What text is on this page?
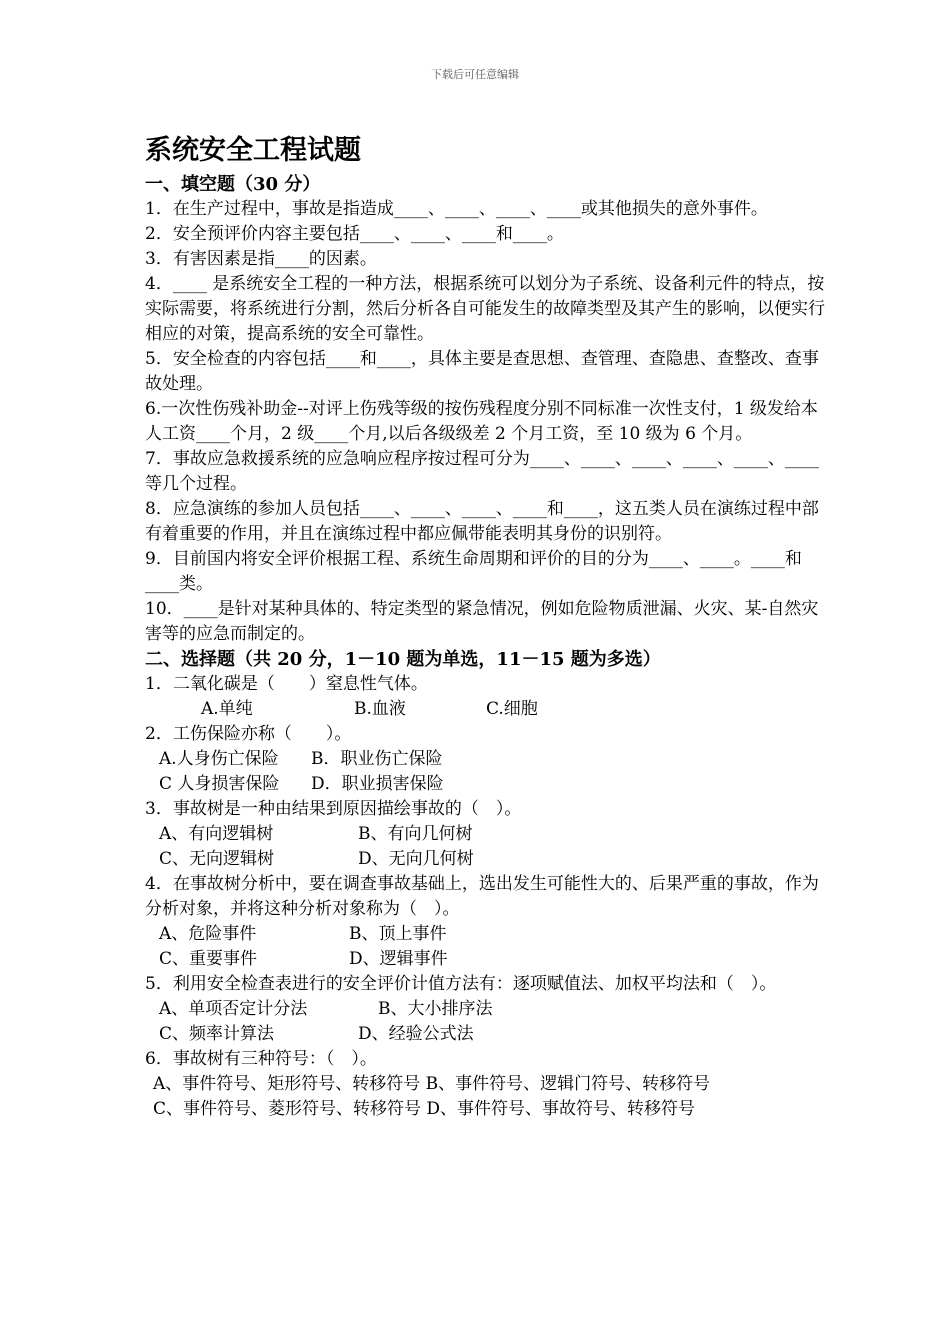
下载后可任意编辑
系统安全工程试题
一、填空题（30 分）
1．在生产过程中，事故是指造成____、____、____、____或其他损失的意外事件。
2．安全预评价内容主要包括____、____、____和____。
3．有害因素是指____的因素。
4．____ 是系统安全工程的一种方法，根据系统可以划分为子系统、设备利元件的特点，按实际需要，将系统进行分割，然后分析各自可能发生的故障类型及其产生的影响，以便实行相应的对策，提高系统的安全可靠性。
5．安全检查的内容包括____和____，具体主要是查思想、查管理、查隐患、查整改、查事故处理。
6.一次性伤残补助金--对评上伤残等级的按伤残程度分别不同标准一次性支付，1 级发给本人工资____个月，2 级____个月,以后各级级差 2 个月工资，至 10 级为 6 个月。
7．事故应急救援系统的应急响应程序按过程可分为____、____、____、____、____、____等几个过程。
8．应急演练的参加人员包括____、____、____、____和____，这五类人员在演练过程中部有着重要的作用，并且在演练过程中都应佩带能表明其身份的识别符。
9．目前国内将安全评价根据工程、系统生命周期和评价的目的分为____、____。____和____类。
10．____是针对某种具体的、特定类型的紧急情况，例如危险物质泄漏、火灾、某-自然灾害等的应急而制定的。
二、选择题（共 20 分，1－10 题为单选，11－15 题为多选）
1．二氧化碳是（　　）窒息性气体。
A.单纯	B.血液	C.细胞
2．工伤保险亦称（　　）。
A.人身伤亡保险 B．职业伤亡保险
C 人身损害保险 D．职业损害保险
3．事故树是一种由结果到原因描绘事故的（　）。
A、有向逻辑树	B、有向几何树
C、无向逻辑树	D、无向几何树
4．在事故树分析中，要在调查事故基础上，选出发生可能性大的、后果严重的事故，作为分析对象，并将这种分析对象称为（　）。
A、危险事件	B、顶上事件
C、重要事件	D、逻辑事件
5．利用安全检查表进行的安全评价计值方法有：逐项赋值法、加权平均法和（　）。
A、单项否定计分法	B、大小排序法
C、频率计算法	D、经验公式法
6．事故树有三种符号：（　）。
A、事件符号、矩形符号、转移符号 B、事件符号、逻辑门符号、转移符号
C、事件符号、菱形符号、转移符号 D、事件符号、事故符号、转移符号
